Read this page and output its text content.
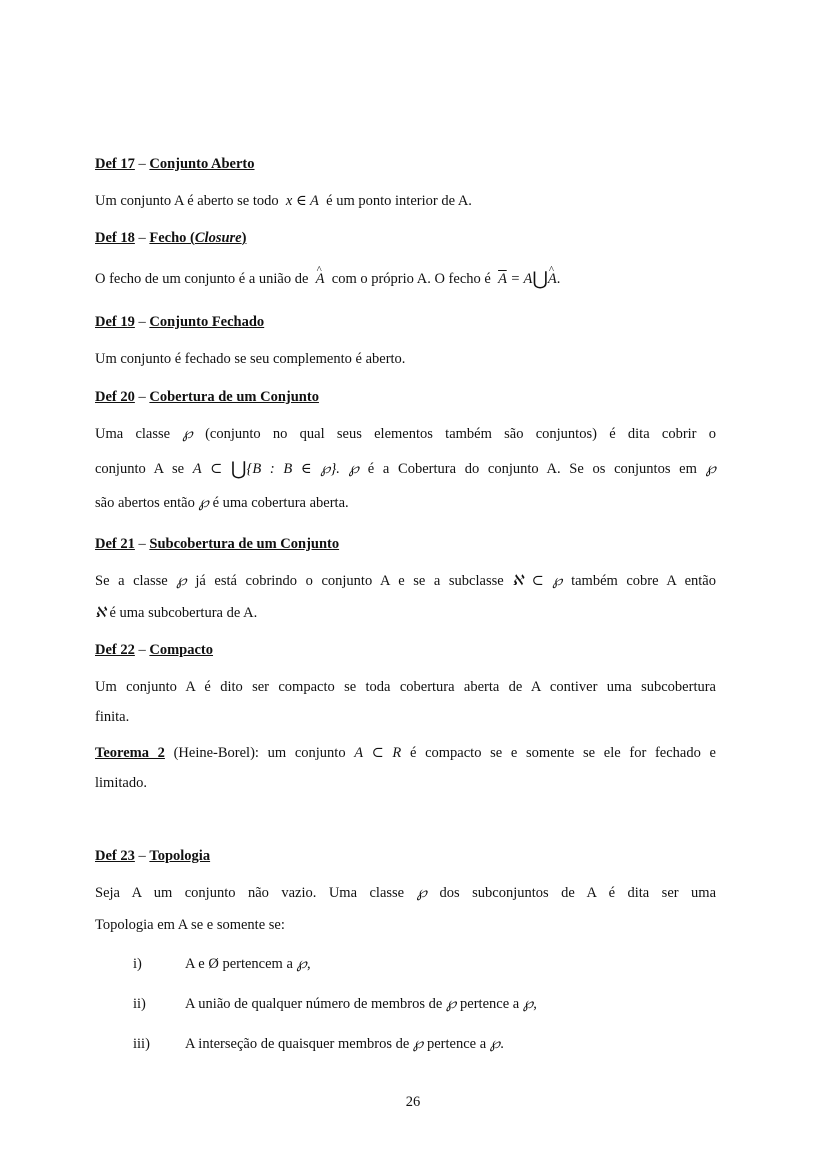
Def 17 – Conjunto Aberto
Um conjunto A é aberto se todo x ∈ A é um ponto interior de A.
Def 18 – Fecho (Closure)
O fecho de um conjunto é a união de ^ A com o próprio A. O fecho é $\overline{A}$ = A⋃^ A.
Def 19 – Conjunto Fechado
Um conjunto é fechado se seu complemento é aberto.
Def 20 – Cobertura de um Conjunto
Uma classe ℘ (conjunto no qual seus elementos também são conjuntos) é dita cobrir o
conjunto A se A ⊂ ⋃{B : B ∈ ℘}. ℘ é a Cobertura do conjunto A. Se os conjuntos em ℘
são abertos então ℘ é uma cobertura aberta.
Def 21 – Subcobertura de um Conjunto
Se a classe ℘ já está cobrindo o conjunto A e se a subclasse ℵ ⊂ ℘ também cobre A então
ℵ é uma subcobertura de A.
Def 22 – Compacto
Um conjunto A é dito ser compacto se toda cobertura aberta de A contiver uma subcobertura
finita.
Teorema 2 (Heine-Borel): um conjunto A ⊂ R é compacto se e somente se ele for fechado e
limitado.
Def 23 – Topologia
Seja A um conjunto não vazio. Uma classe ℘ dos subconjuntos de A é dita ser uma
Topologia em A se e somente se:
i)	A e Ø pertencem a ℘,
ii)	A união de qualquer número de membros de ℘ pertence a ℘,
iii) A interseção de quaisquer membros de ℘ pertence a ℘.
26
